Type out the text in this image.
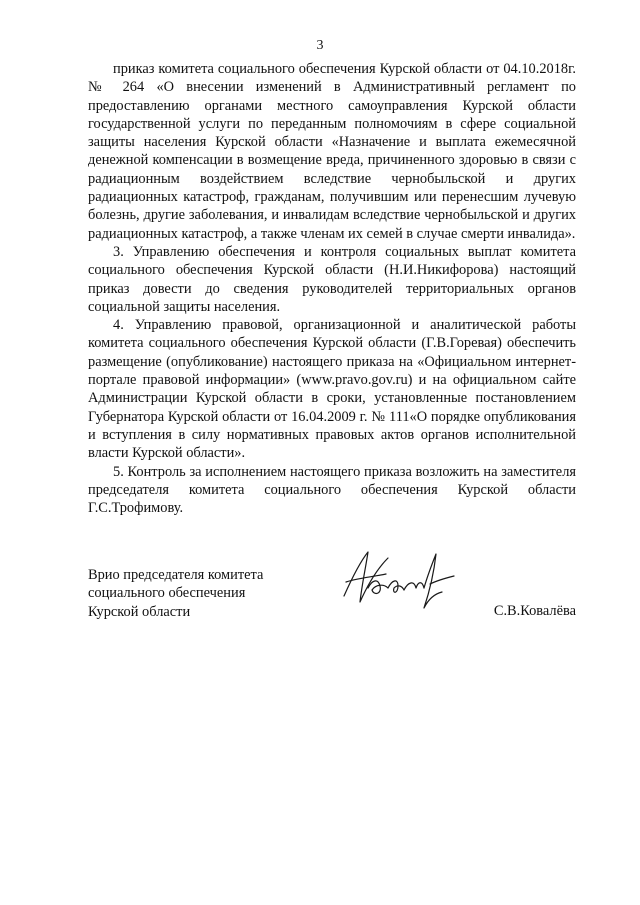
3

приказ комитета социального обеспечения Курской области от 04.10.2018г. № 264 «О внесении изменений в Административный регламент по предоставлению органами местного самоуправления Курской области государственной услуги по переданным полномочиям в сфере социальной защиты населения Курской области «Назначение и выплата ежемесячной денежной компенсации в возмещение вреда, причиненного здоровью в связи с радиационным воздействием вследствие чернобыльской и других радиационных катастроф, гражданам, получившим или перенесшим лучевую болезнь, другие заболевания, и инвалидам вследствие чернобыльской и других радиационных катастроф, а также членам их семей в случае смерти инвалида».

3. Управлению обеспечения и контроля социальных выплат комитета социального обеспечения Курской области (Н.И.Никифорова) настоящий приказ довести до сведения руководителей территориальных органов социальной защиты населения.

4. Управлению правовой, организационной и аналитической работы комитета социального обеспечения Курской области (Г.В.Горевая) обеспечить размещение (опубликование) настоящего приказа на «Официальном интернет-портале правовой информации» (www.pravo.gov.ru) и на официальном сайте Администрации Курской области в сроки, установленные постановлением Губернатора Курской области от 16.04.2009 г. № 111«О порядке опубликования и вступления в силу нормативных правовых актов органов исполнительной власти Курской области».

5. Контроль за исполнением настоящего приказа возложить на заместителя председателя комитета социального обеспечения Курской области Г.С.Трофимову.

Врио председателя комитета
социального обеспечения
Курской области	С.В.Ковалёва
